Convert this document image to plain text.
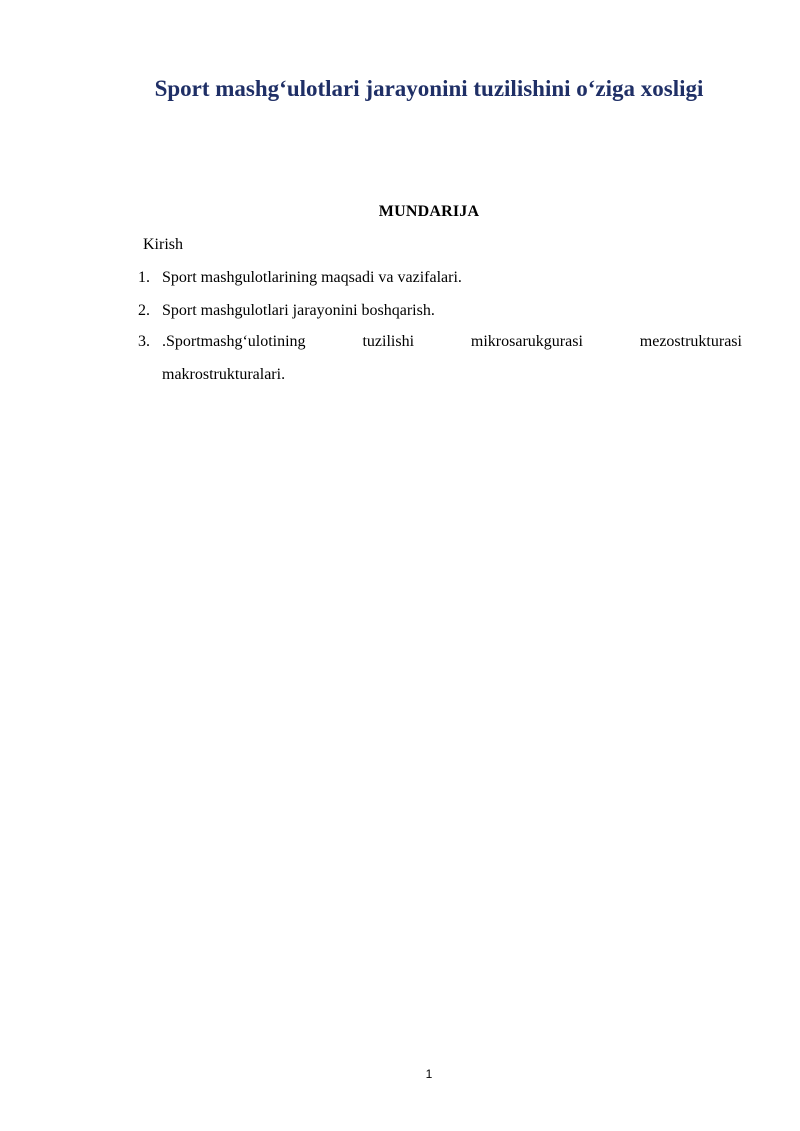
Sport mashg‘ulotlari jarayonini tuzilishini o‘ziga xosligi
MUNDARIJA
Kirish
1. Sport mashgulotlarining maqsadi va vazifalari.
2. Sport mashgulotlari jarayonini boshqarish.
3. .Sportmashg‘ulotining	tuzilishi	mikrosarukgurasi	mezostrukturasi
makrostrukturalari.
1
